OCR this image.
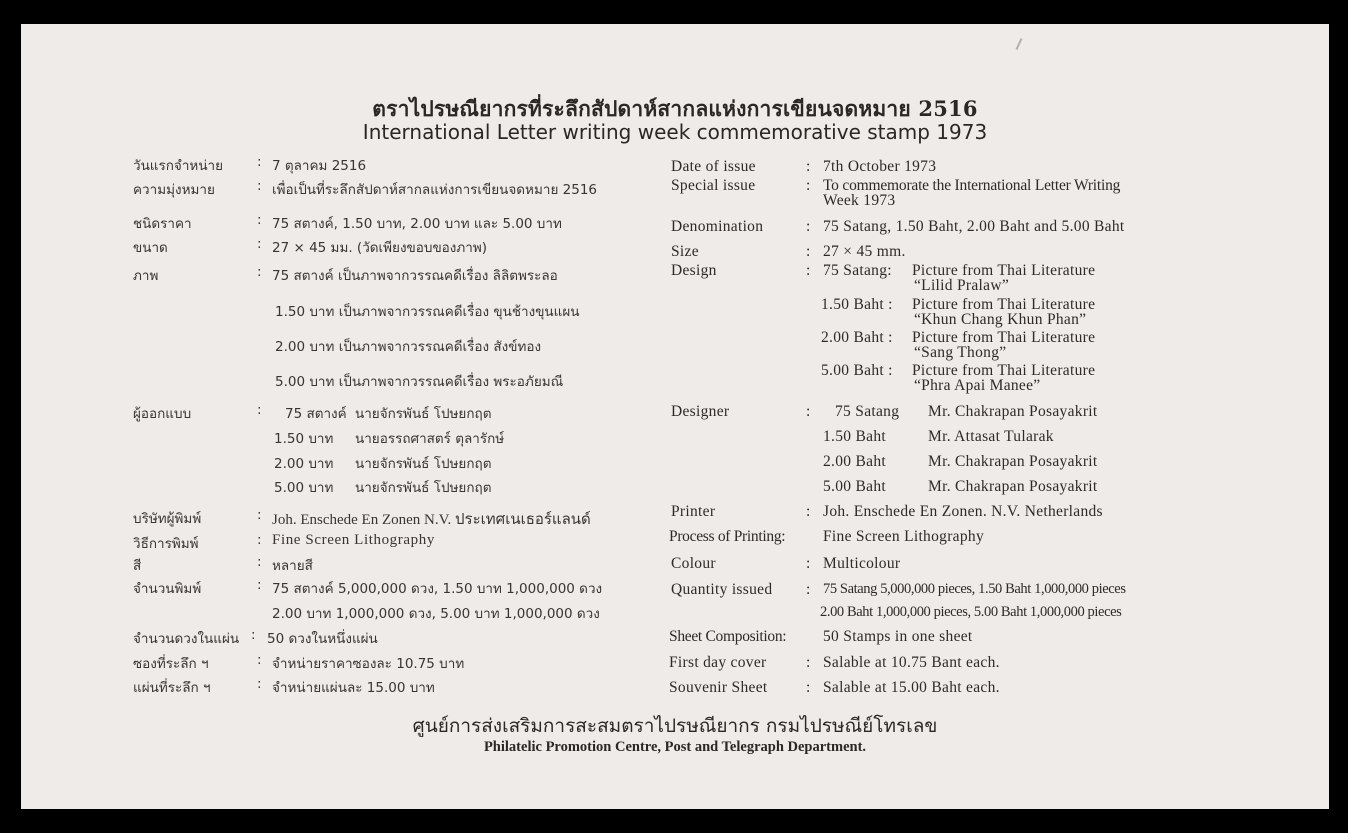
ตราไปรษณียากรที่ระลึกสัปดาห์สากลแห่งการเขียนจดหมาย 2516
International Letter writing week commemorative stamp 1973
วันแรกจำหน่าย	: 7 ตุลาคม 2516
ความมุ่งหมาย	: เพื่อเป็นที่ระลึกสัปดาห์สากลแห่งการเขียนจดหมาย 2516
ชนิดราคา	: 75 สตางค์, 1.50 บาท, 2.00 บาท และ 5.00 บาท
ขนาด	: 27 × 45 มม. (วัดเพียงขอบของภาพ)
ภาพ	: 75 สตางค์ เป็นภาพจากวรรณคดีเรื่อง ลิลิตพระลอ
1.50 บาท เป็นภาพจากวรรณคดีเรื่อง ขุนช้างขุนแผน
2.00 บาท เป็นภาพจากวรรณคดีเรื่อง สังข์ทอง
5.00 บาท เป็นภาพจากวรรณคดีเรื่อง พระอภัยมณี
ผู้ออกแบบ	: 75 สตางค์ นายจักรพันธ์ โปษยกฤต
1.50 บาท นายอรรถศาสตร์ ตุลารักษ์
2.00 บาท นายจักรพันธ์ โปษยกฤต
5.00 บาท นายจักรพันธ์ โปษยกฤต
บริษัทผู้พิมพ์	: Joh. Enschede En Zonen N.V. ประเทศเนเธอร์แลนด์
วิธีการพิมพ์	: Fine Screen Lithography
สี	: หลายสี
จำนวนพิมพ์	: 75 สตางค์ 5,000,000 ดวง, 1.50 บาท 1,000,000 ดวง
2.00 บาท 1,000,000 ดวง, 5.00 บาท 1,000,000 ดวง
จำนวนดวงในแผ่น : 50 ดวงในหนึ่งแผ่น
ซองที่ระลึก ฯ	: จำหน่ายราคาซองละ 10.75 บาท
แผ่นที่ระลึก ฯ	: จำหน่ายแผ่นละ 15.00 บาท
Date of issue	: 7th October 1973
Special issue	: To commemorate the International Letter Writing
Week 1973
Denomination	: 75 Satang, 1.50 Baht, 2.00 Baht and 5.00 Baht
Size	: 27 × 45 mm.
Design	: 75 Satang: Picture from Thai Literature
“Lilid Pralaw”
1.50 Baht : Picture from Thai Literature
“Khun Chang Khun Phan”
2.00 Baht : Picture from Thai Literature
“Sang Thong”
5.00 Baht : Picture from Thai Literature
“Phra Apai Manee”
Designer	: 75 Satang Mr. Chakrapan Posayakrit
1.50 Baht	Mr. Attasat Tularak
2.00 Baht	Mr. Chakrapan Posayakrit
5.00 Baht	Mr. Chakrapan Posayakrit
Printer	: Joh. Enschede En Zonen. N.V. Netherlands
Process of Printing: Fine Screen Lithography
Colour	: Multicolour
Quantity issued : 75 Satang 5,000,000 pieces, 1.50 Baht 1,000,000 pieces
2.00 Baht 1,000,000 pieces, 5.00 Baht 1,000,000 pieces
Sheet Composition: 50 Stamps in one sheet
First day cover	: Salable at 10.75 Bant each.
Souvenir Sheet : Salable at 15.00 Baht each.
ศูนย์การส่งเสริมการสะสมตราไปรษณียากร กรมไปรษณีย์โทรเลข
Philatelic Promotion Centre, Post and Telegraph Department.
